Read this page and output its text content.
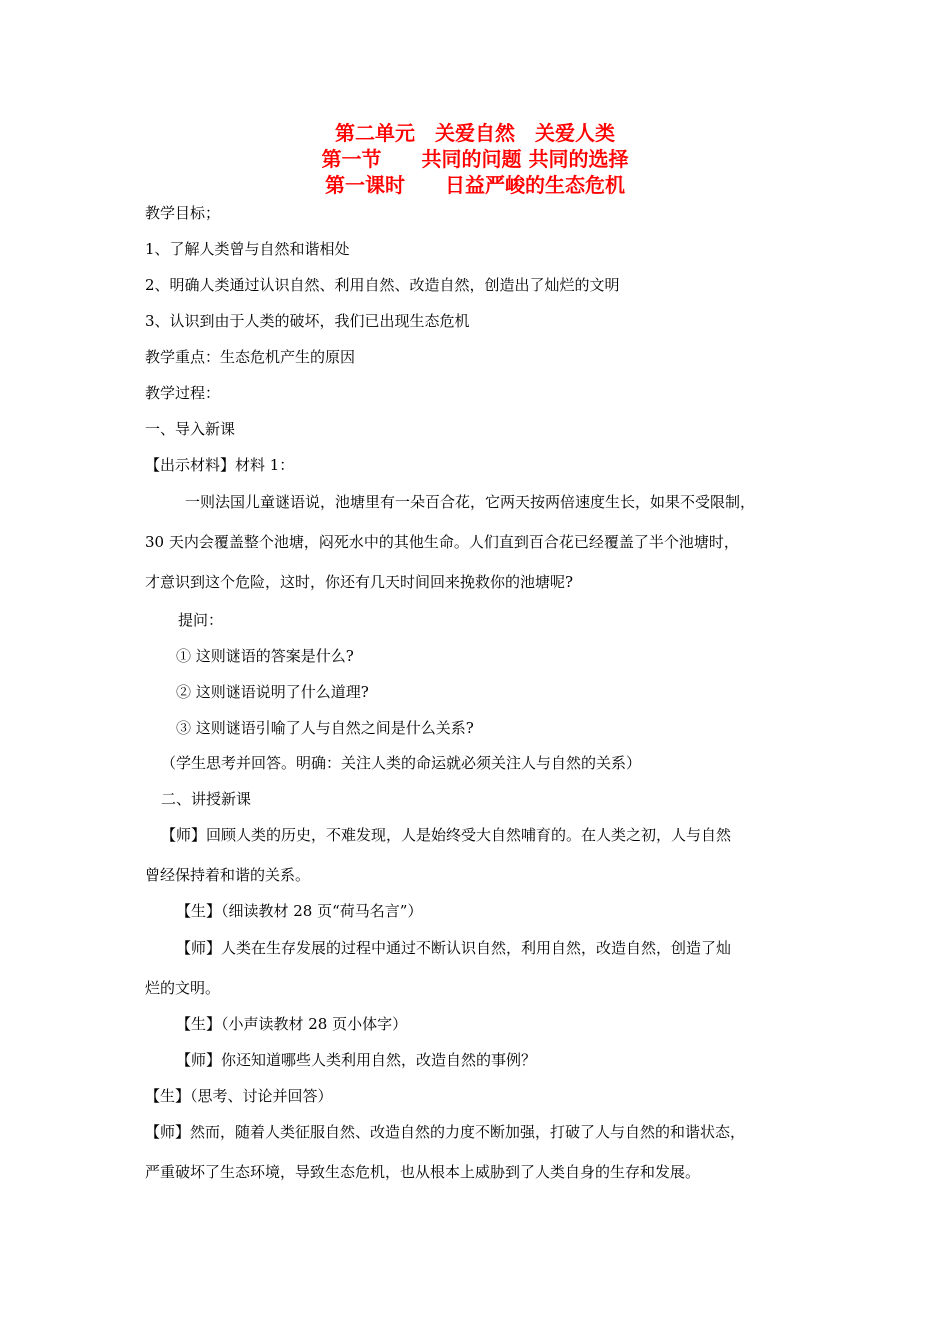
第二单元　关爱自然　关爱人类
第一节　　共同的问题 共同的选择
第一课时　　日益严峻的生态危机
教学目标；
1、了解人类曾与自然和谐相处
2、明确人类通过认识自然、利用自然、改造自然，创造出了灿烂的文明
3、认识到由于人类的破坏，我们已出现生态危机
教学重点：生态危机产生的原因
教学过程：
一、导入新课
【出示材料】材料 1：
一则法国儿童谜语说，池塘里有一朵百合花，它两天按两倍速度生长，如果不受限制，
30 天内会覆盖整个池塘，闷死水中的其他生命。人们直到百合花已经覆盖了半个池塘时，
才意识到这个危险，这时，你还有几天时间回来挽救你的池塘呢?
提问：
① 这则谜语的答案是什么?
② 这则谜语说明了什么道理?
③ 这则谜语引喻了人与自然之间是什么关系?
（学生思考并回答。明确：关注人类的命运就必须关注人与自然的关系）
二、讲授新课
【师】回顾人类的历史，不难发现，人是始终受大自然哺育的。在人类之初，人与自然
曾经保持着和谐的关系。
【生】（细读教材 28 页“荷马名言”）
【师】人类在生存发展的过程中通过不断认识自然，利用自然，改造自然，创造了灿
烂的文明。
【生】（小声读教材 28 页小体字）
【师】你还知道哪些人类利用自然，改造自然的事例？
【生】（思考、讨论并回答）
【师】然而，随着人类征服自然、改造自然的力度不断加强，打破了人与自然的和谐状态，
严重破坏了生态环境，导致生态危机，也从根本上威胁到了人类自身的生存和发展。
